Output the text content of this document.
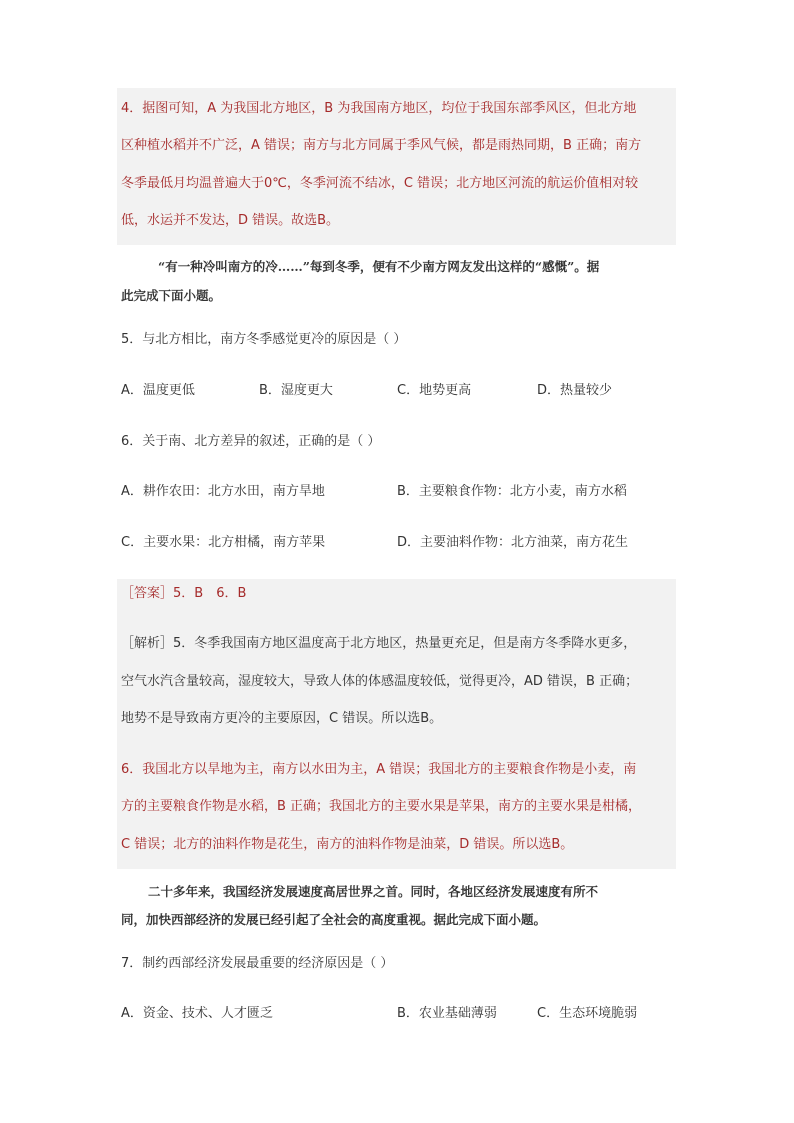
4．据图可知，A 为我国北方地区，B 为我国南方地区，均位于我国东部季风区，但北方地
区种植水稻并不广泛，A 错误；南方与北方同属于季风气候，都是雨热同期，B 正确；南方
冬季最低月均温普遍大于0℃，冬季河流不结冰，C 错误；北方地区河流的航运价值相对较
低，水运并不发达，D 错误。故选B。
“有一种冷叫南方的冷……”每到冬季，便有不少南方网友发出这样的“感慨”。据
此完成下面小题。
5．与北方相比，南方冬季感觉更冷的原因是（ ）
A．温度更低	B．湿度更大	C．地势更高	D．热量较少
6．关于南、北方差异的叙述，正确的是（ ）
A．耕作农田：北方水田，南方旱地	B．主要粮食作物：北方小麦，南方水稻
C．主要水果：北方柑橘，南方苹果	D．主要油料作物：北方油菜，南方花生
［答案］5．B　6．B
［解析］5．冬季我国南方地区温度高于北方地区，热量更充足，但是南方冬季降水更多，
空气水汽含量较高，湿度较大，导致人体的体感温度较低，觉得更冷，AD 错误，B 正确；
地势不是导致南方更冷的主要原因，C 错误。所以选B。
6．我国北方以旱地为主，南方以水田为主，A 错误；我国北方的主要粮食作物是小麦，南
方的主要粮食作物是水稻，B 正确；我国北方的主要水果是苹果，南方的主要水果是柑橘，
C 错误；北方的油料作物是花生，南方的油料作物是油菜，D 错误。所以选B。
二十多年来，我国经济发展速度高居世界之首。同时，各地区经济发展速度有所不
同，加快西部经济的发展已经引起了全社会的高度重视。据此完成下面小题。
7．制约西部经济发展最重要的经济原因是（ ）
A．资金、技术、人才匮乏	B．农业基础薄弱	C．生态环境脆弱
